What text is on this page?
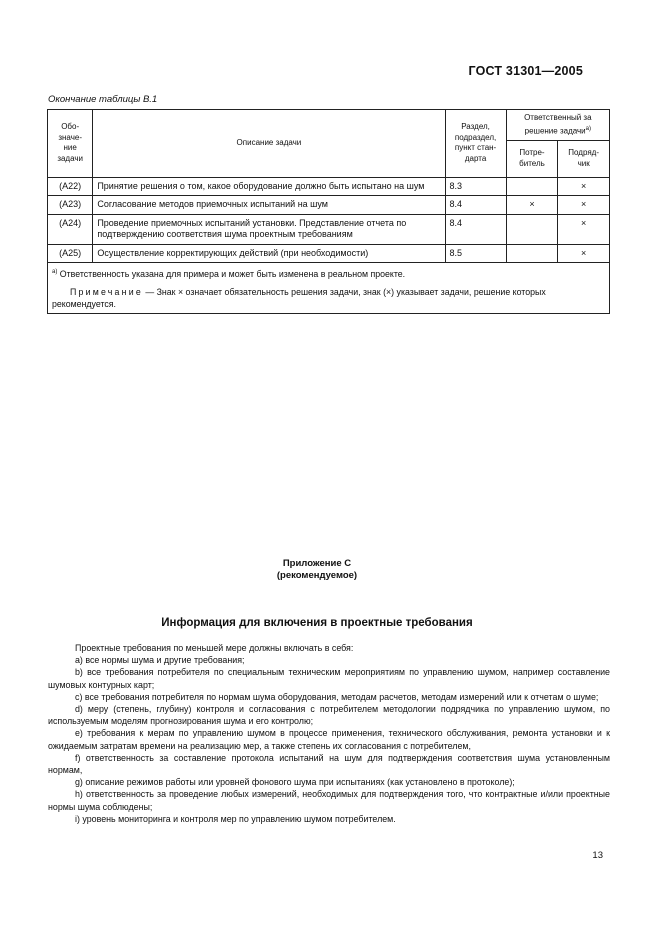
ГОСТ 31301—2005
Окончание таблицы В.1
Обо-значе-ние задачи	Описание задачи	Раздел, подраздел, пункт стан-дарта	Ответственный за решение задачи$^{а)}$
			Потре-битель	Подряд-чик
(A22)	Принятие решения о том, какое оборудование должно быть испытано на шум	8.3		×
(A23)	Согласование методов приемочных испытаний на шум	8.4	×	×
(A24)	Проведение приемочных испытаний установки. Представление отчета по подтверждению соответствия шума проектным требованиям	8.4		×
(A25)	Осуществление корректирующих действий (при необходимости)	8.5		×

$^{а)}$ Ответственность указана для примера и может быть изменена в реальном проекте.

Примечание — Знак × означает обязательность решения задачи, знак (×) указывает задачи, решение которых рекомендуется.				

Приложение С
(рекомендуемое)
Информация для включения в проектные требования

Проектные требования по меньшей мере должны включать в себя:

a) все нормы шума и другие требования;

b) все требования потребителя по специальным техническим мероприятиям по управлению шумом, например составление шумовых контурных карт;

c) все требования потребителя по нормам шума оборудования, методам расчетов, методам измерений или к отчетам о шуме;

d) меру (степень, глубину) контроля и согласования с потребителем методологии подрядчика по управлению шумом, по используемым моделям прогнозирования шума и его контролю;

e) требования к мерам по управлению шумом в процессе применения, технического обслуживания, ремонта установки и к ожидаемым затратам времени на реализацию мер, а также степень их согласования с потребителем,

f) ответственность за составление протокола испытаний на шум для подтверждения соответствия шума установленным нормам,

g) описание режимов работы или уровней фонового шума при испытаниях (как установлено в протоколе);

h) ответственность за проведение любых измерений, необходимых для подтверждения того, что контрактные и/или проектные нормы шума соблюдены;

i) уровень мониторинга и контроля мер по управлению шумом потребителем.

13
